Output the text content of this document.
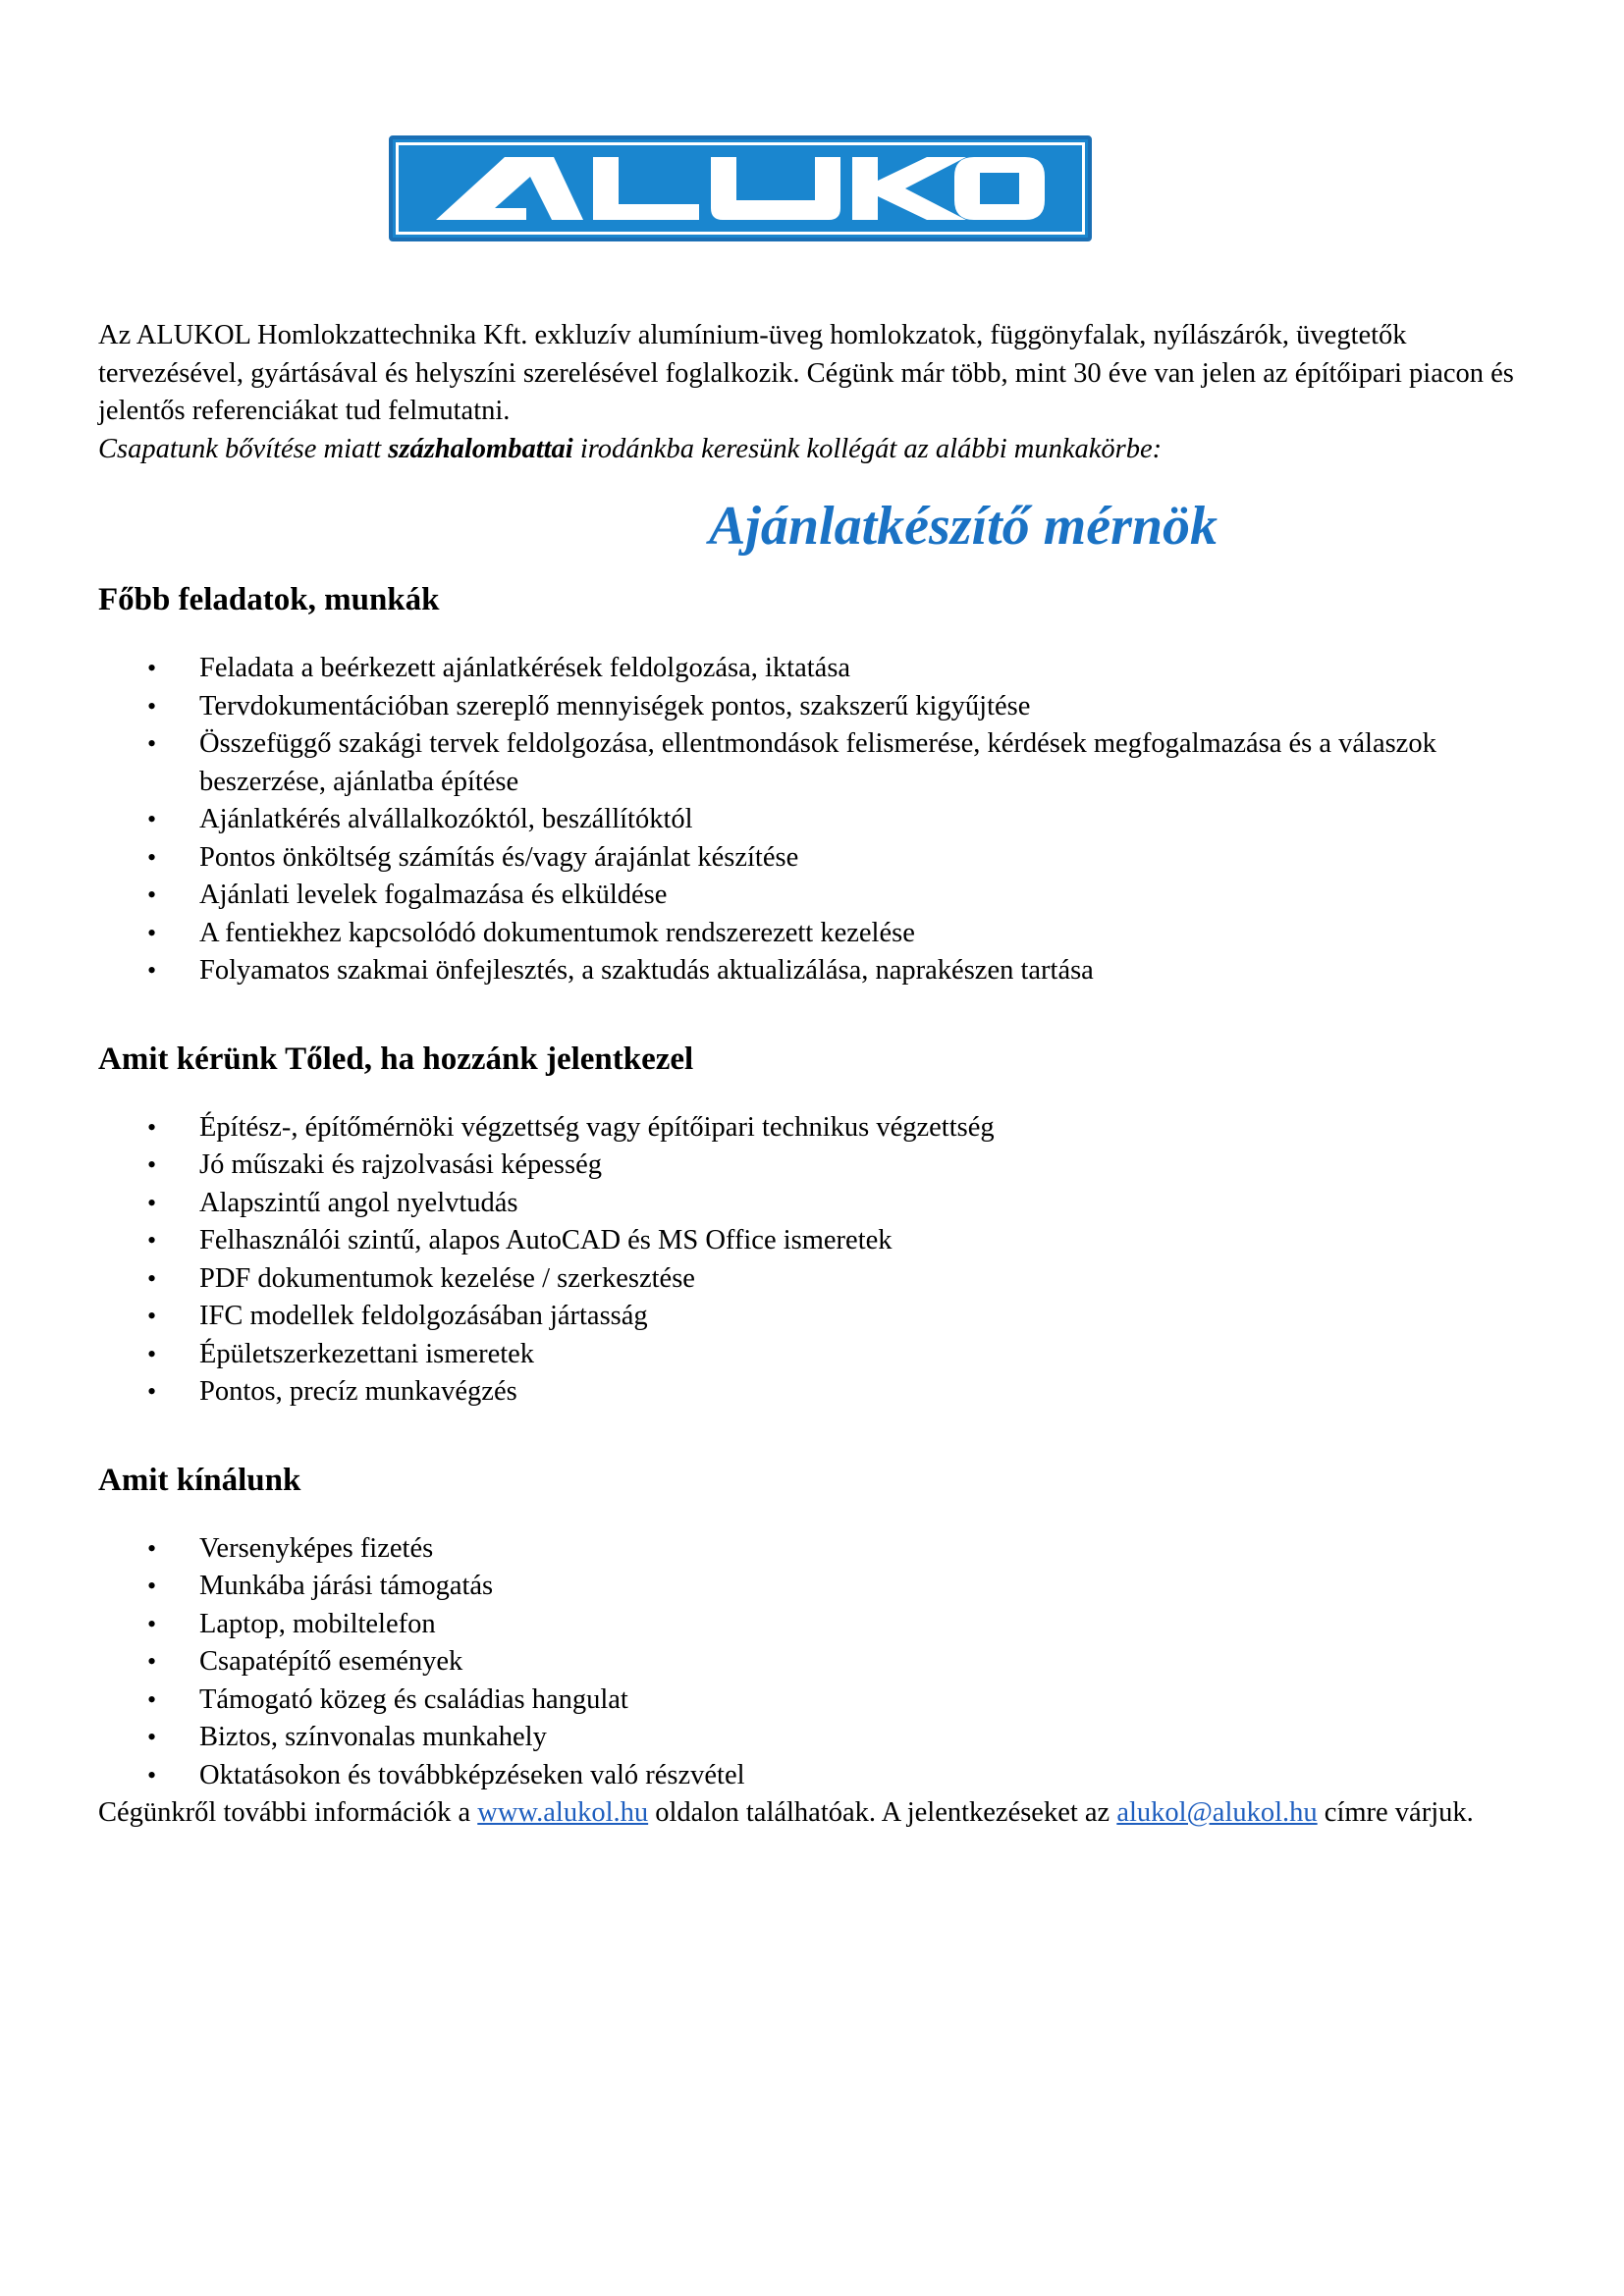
Az ALUKOL Homlokzattechnika Kft. exkluzív alumínium-üveg homlokzatok, függönyfalak, nyílászárók, üvegtetők tervezésével, gyártásával és helyszíni szerelésével foglalkozik. Cégünk már több, mint 30 éve van jelen az építőipari piacon és jelentős referenciákat tud felmutatni.

Csapatunk bővítése miatt százhalombattai irodánkba keresünk kollégát az alábbi munkakörbe:

Ajánlatkészítő mérnök
Főbb feladatok, munkák
• Feladata a beérkezett ajánlatkérések feldolgozása, iktatása
• Tervdokumentációban szereplő mennyiségek pontos, szakszerű kigyűjtése
• Összefüggő szakági tervek feldolgozása, ellentmondások felismerése, kérdések megfogalmazása és a válaszok beszerzése, ajánlatba építése
• Ajánlatkérés alvállalkozóktól, beszállítóktól
• Pontos önköltség számítás és/vagy árajánlat készítése
• Ajánlati levelek fogalmazása és elküldése
• A fentiekhez kapcsolódó dokumentumok rendszerezett kezelése
• Folyamatos szakmai önfejlesztés, a szaktudás aktualizálása, naprakészen tartása
Amit kérünk Tőled, ha hozzánk jelentkezel
• Építész-, építőmérnöki végzettség vagy építőipari technikus végzettség
• Jó műszaki és rajzolvasási képesség
• Alapszintű angol nyelvtudás
• Felhasználói szintű, alapos AutoCAD és MS Office ismeretek
• PDF dokumentumok kezelése / szerkesztése
• IFC modellek feldolgozásában jártasság
• Épületszerkezettani ismeretek
• Pontos, precíz munkavégzés
Amit kínálunk
• Versenyképes fizetés
• Munkába járási támogatás
• Laptop, mobiltelefon
• Csapatépítő események
• Támogató közeg és családias hangulat
• Biztos, színvonalas munkahely
• Oktatásokon és továbbképzéseken való részvétel

Cégünkről további információk a www.alukol.hu oldalon találhatóak. A jelentkezéseket az alukol@alukol.hu címre várjuk.
